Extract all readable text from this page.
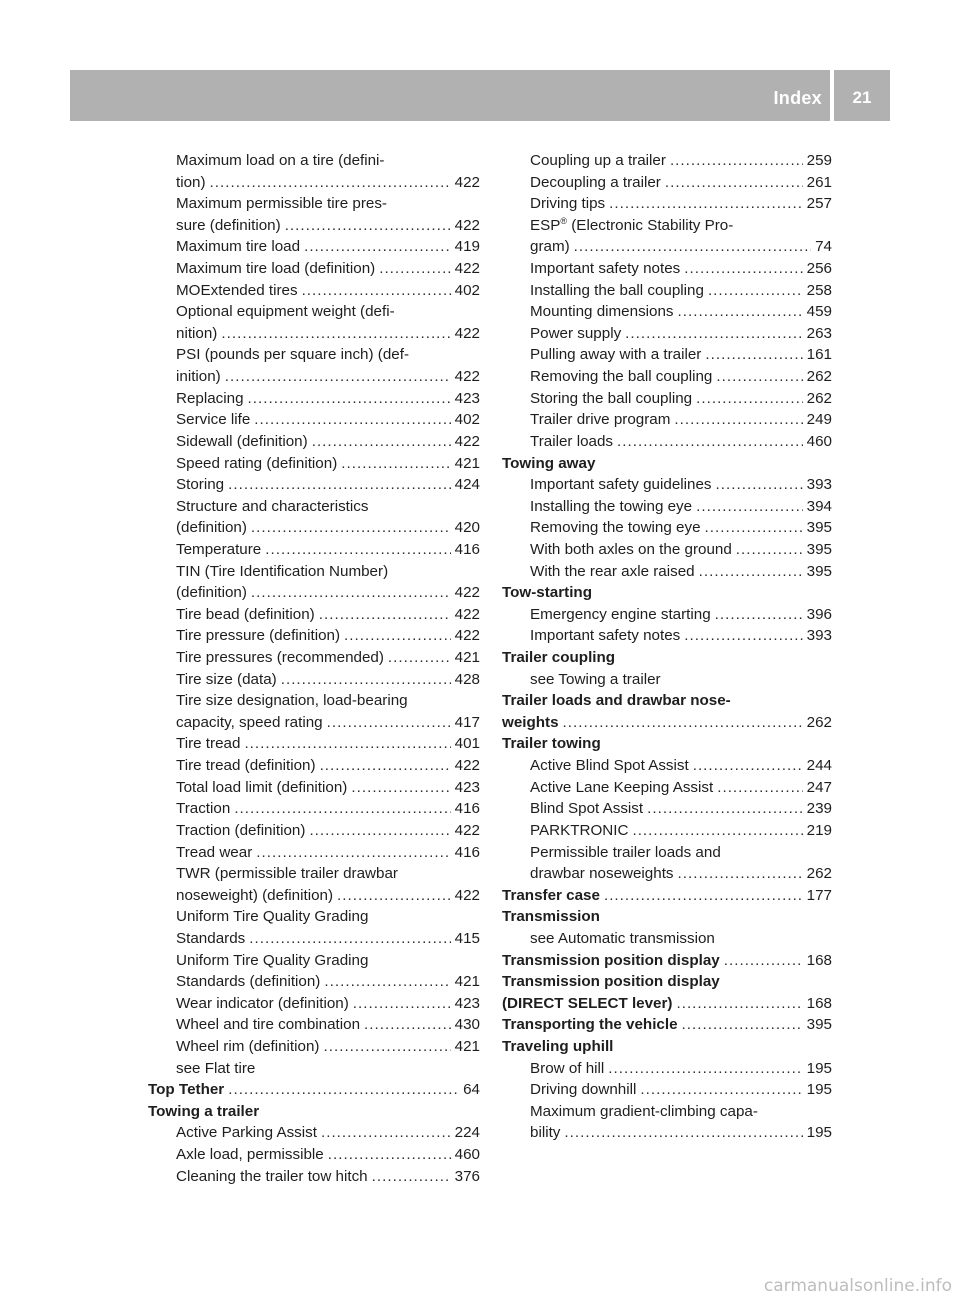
Index	21
Maximum load on a tire (defini-
tion) . . .	422
Maximum permissible tire pres-
sure (definition) . . .	422
Maximum tire load . . .	419
Maximum tire load (definition) . . .	422
MOExtended tires . . .	402
Optional equipment weight (defi-
nition) . . .	422
PSI (pounds per square inch) (def-
inition) . . .	422
Replacing . . .	423
Service life . . .	402
Sidewall (definition) . . .	422
Speed rating (definition) . . .	421
Storing . . .	424
Structure and characteristics
(definition) . . .	420
Temperature . . .	416
TIN (Tire Identification Number)
(definition) . . .	422
Tire bead (definition) . . .	422
Tire pressure (definition) . . .	422
Tire pressures (recommended) . . .	421
Tire size (data) . . .	428
Tire size designation, load-bearing
capacity, speed rating . . .	417
Tire tread . . .	401
Tire tread (definition) . . .	422
Total load limit (definition) . . .	423
Traction . . .	416
Traction (definition) . . .	422
Tread wear . . .	416
TWR (permissible trailer drawbar
noseweight) (definition) . . .	422
Uniform Tire Quality Grading
Standards . . .	415
Uniform Tire Quality Grading
Standards (definition) . . .	421
Wear indicator (definition) . . .	423
Wheel and tire combination . . .	430
Wheel rim (definition) . . .	421
see Flat tire
Top Tether . . .	64
Towing a trailer
Active Parking Assist . . .	224
Axle load, permissible . . .	460
Cleaning the trailer tow hitch . . .	376
Coupling up a trailer . . .	259
Decoupling a trailer . . .	261
Driving tips . . .	257
ESP® (Electronic Stability Pro-
gram) . . .	74
Important safety notes . . .	256
Installing the ball coupling . . .	258
Mounting dimensions . . .	459
Power supply . . .	263
Pulling away with a trailer . . .	161
Removing the ball coupling . . .	262
Storing the ball coupling . . .	262
Trailer drive program . . .	249
Trailer loads . . .	460
Towing away
Important safety guidelines . . .	393
Installing the towing eye . . .	394
Removing the towing eye . . .	395
With both axles on the ground . . .	395
With the rear axle raised . . .	395
Tow-starting
Emergency engine starting . . .	396
Important safety notes . . .	393
Trailer coupling
see Towing a trailer
Trailer loads and drawbar nose-
weights . . .	262
Trailer towing
Active Blind Spot Assist . . .	244
Active Lane Keeping Assist . . .	247
Blind Spot Assist . . .	239
PARKTRONIC . . .	219
Permissible trailer loads and
drawbar noseweights . . .	262
Transfer case . . .	177
Transmission
see Automatic transmission
Transmission position display . . .	168
Transmission position display
(DIRECT SELECT lever) . . .	168
Transporting the vehicle . . .	395
Traveling uphill
Brow of hill . . .	195
Driving downhill . . .	195
Maximum gradient-climbing capa-
bility . . .	195
carmanualsonline.info
